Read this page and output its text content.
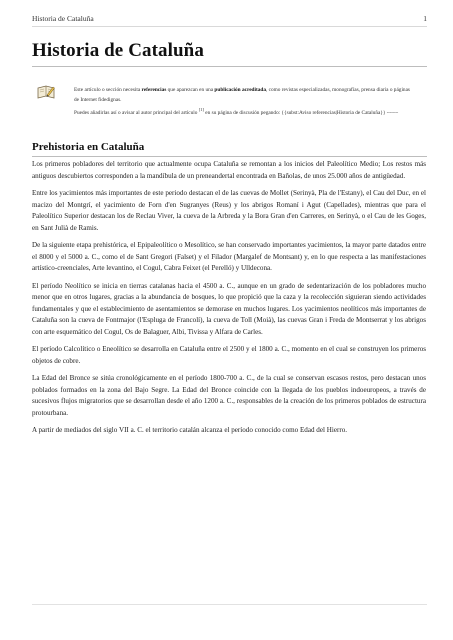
Historia de Cataluña	1
Historia de Cataluña
Este artículo o sección necesita referencias que aparezcan en una publicación acreditada, como revistas especializadas, monografías, prensa diaria o páginas de Internet fidedignas.
Puedes añadirlas así o avisar al autor principal del artículo [1] en su página de discusión pegando: {{subst:Aviso referencias|Historia de Cataluña}} ~~~~
Prehistoria en Cataluña

Los primeros pobladores del territorio que actualmente ocupa Cataluña se remontan a los inicios del Paleolítico Medio; Los restos más antiguos descubiertos corresponden a la mandíbula de un preneandertal encontrada en Bañolas, de unos 25.000 años de antigüedad.

Entre los yacimientos más importantes de este periodo destacan el de las cuevas de Mollet (Serinyà, Pla de l'Estany), el Cau del Duc, en el macizo del Montgrí, el yacimiento de Forn d'en Sugranyes (Reus) y los abrigos Romaní i Agut (Capellades), mientras que para el Paleolítico Superior destacan los de Reclau Viver, la cueva de la Arbreda y la Bora Gran d'en Carreres, en Serinyà, o el Cau de les Goges, en Sant Julià de Ramis.

De la siguiente etapa prehistórica, el Epipaleolítico o Mesolítico, se han conservado importantes yacimientos, la mayor parte datados entre el 8000 y el 5000 a. C., como el de Sant Gregori (Falset) y el Filador (Margalef de Montsant) y, en lo que respecta a las manifestaciones artístico-creenciales, Arte levantino, el Cogul, Cabra Feixet (el Perelló) y Ulldecona.

El período Neolítico se inicia en tierras catalanas hacia el 4500 a. C., aunque en un grado de sedentarización de los pobladores mucho menor que en otros lugares, gracias a la abundancia de bosques, lo que propició que la caza y la recolección siguieran siendo actividades fundamentales y que el establecimiento de asentamientos se demorase en muchos lugares. Los yacimientos neolíticos más importantes de Cataluña son la cueva de Fontmajor (l'Espluga de Francolí), la cueva de Toll (Moià), las cuevas Gran i Freda de Montserrat y los abrigos con arte esquemático del Cogul, Os de Balaguer, Albi, Tivissa y Alfara de Carles.

El período Calcolítico o Eneolítico se desarrolla en Cataluña entre el 2500 y el 1800 a. C., momento en el cual se construyen los primeros objetos de cobre.

La Edad del Bronce se sitúa cronológicamente en el período 1800-700 a. C., de la cual se conservan escasos restos, pero destacan unos poblados formados en la zona del Bajo Segre. La Edad del Bronce coincide con la llegada de los pueblos indoeuropeos, a través de sucesivos flujos migratorios que se desarrollan desde el año 1200 a. C., responsables de la creación de los primeros poblados de estructura protourbana.

A partir de mediados del siglo VII a. C. el territorio catalán alcanza el período conocido como Edad del Hierro.
